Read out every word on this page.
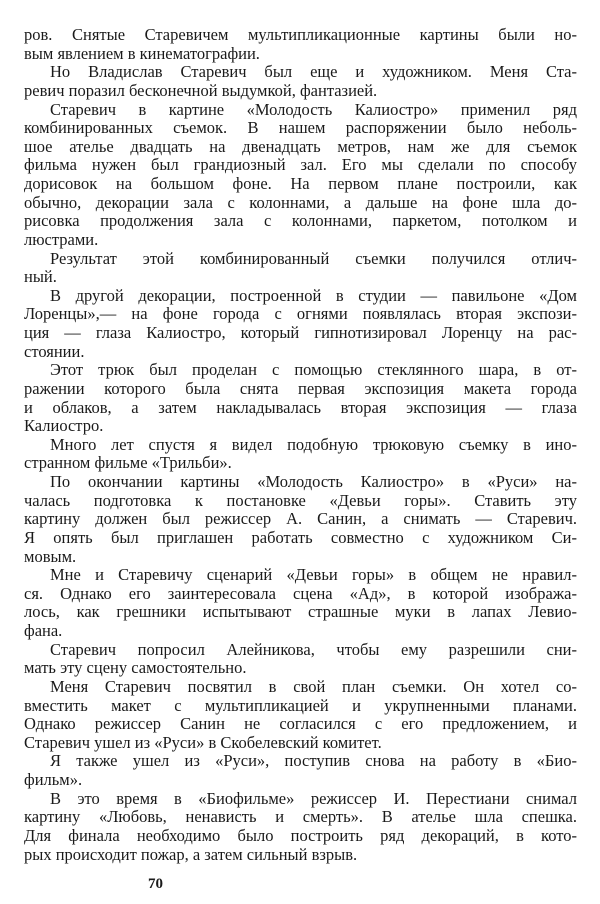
ров. Снятые Старевичем мультипликационные картины были но-
вым явлением в кинематографии.
Но Владислав Старевич был еще и художником. Меня Ста-
ревич поразил бесконечной выдумкой, фантазией.
Старевич в картине «Молодость Калиостро» применил ряд
комбинированных съемок. В нашем распоряжении было неболь-
шое ателье двадцать на двенадцать метров, нам же для съемок
фильма нужен был грандиозный зал. Его мы сделали по способу
дорисовок на большом фоне. На первом плане построили, как
обычно, декорации зала с колоннами, а дальше на фоне шла до-
рисовка продолжения зала с колоннами, паркетом, потолком и
люстрами.
Результат этой комбинированный съемки получился отлич-
ный.
В другой декорации, построенной в студии — павильоне «Дом
Лоренцы»,— на фоне города с огнями появлялась вторая экспози-
ция — глаза Калиостро, который гипнотизировал Лоренцу на рас-
стоянии.
Этот трюк был проделан с помощью стеклянного шара, в от-
ражении которого была снята первая экспозиция макета города
и облаков, а затем накладывалась вторая экспозиция — глаза
Калиостро.
Много лет спустя я видел подобную трюковую съемку в ино-
странном фильме «Трильби».
По окончании картины «Молодость Калиостро» в «Руси» на-
чалась подготовка к постановке «Девьи горы». Ставить эту
картину должен был режиссер А. Санин, а снимать — Старевич.
Я опять был приглашен работать совместно с художником Си-
мовым.
Мне и Старевичу сценарий «Девьи горы» в общем не нравил-
ся. Однако его заинтересовала сцена «Ад», в которой изобража-
лось, как грешники испытывают страшные муки в лапах Левио-
фана.
Старевич попросил Алейникова, чтобы ему разрешили сни-
мать эту сцену самостоятельно.
Меня Старевич посвятил в свой план съемки. Он хотел со-
вместить макет с мультипликацией и укрупненными планами.
Однако режиссер Санин не согласился с его предложением, и
Старевич ушел из «Руси» в Скобелевский комитет.
Я также ушел из «Руси», поступив снова на работу в «Био-
фильм».
В это время в «Биофильме» режиссер И. Перестиани снимал
картину «Любовь, ненависть и смерть». В ателье шла спешка.
Для финала необходимо было построить ряд декораций, в кото-
рых происходит пожар, а затем сильный взрыв.
70
